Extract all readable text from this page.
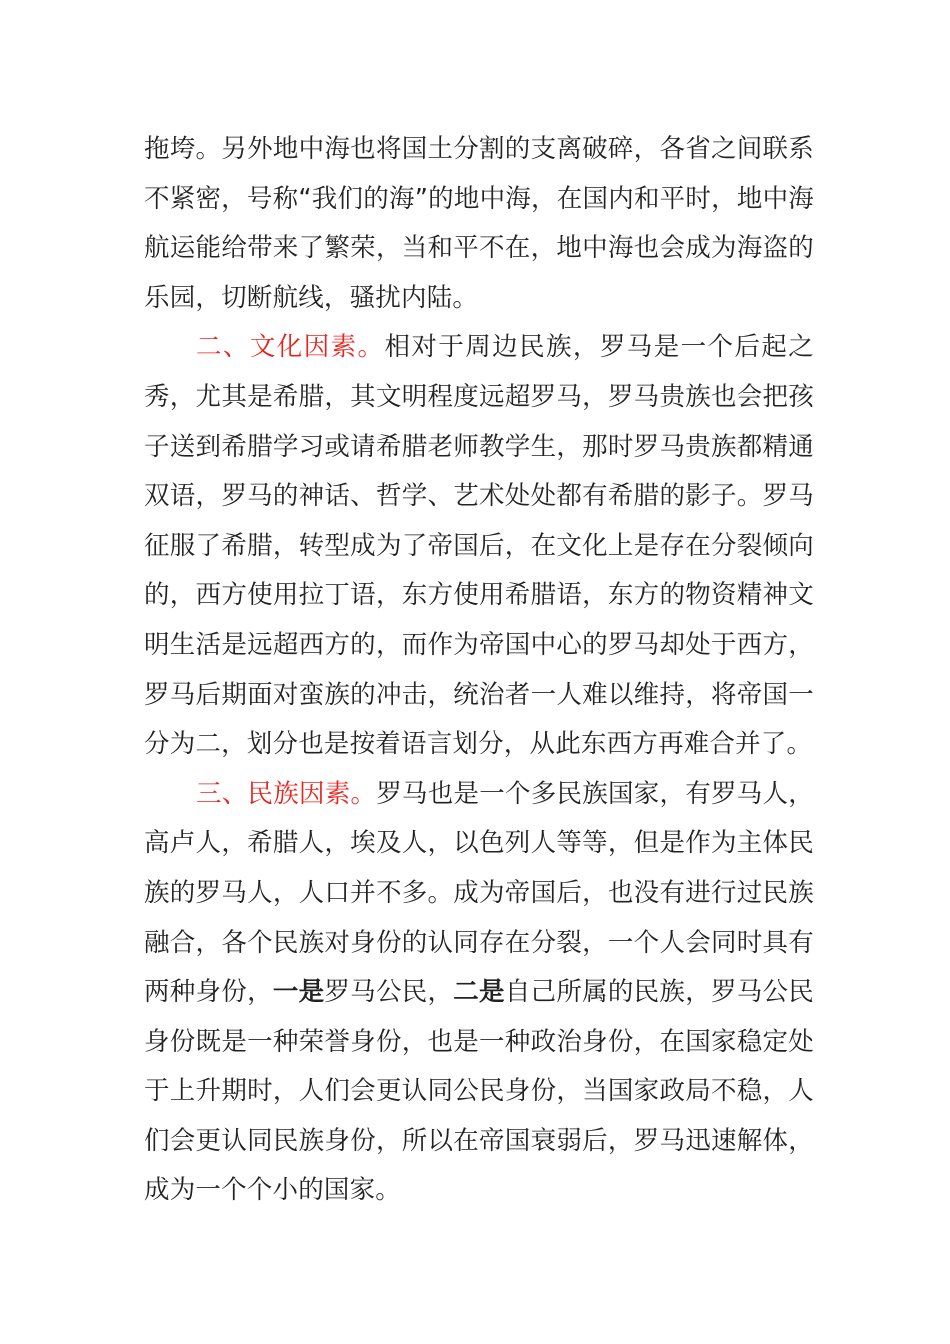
拖垮。另外地中海也将国土分割的支离破碎，各省之间联系不紧密，号称“我们的海”的地中海，在国内和平时，地中海航运能给带来了繁荣，当和平不在，地中海也会成为海盗的乐园，切断航线，骚扰内陆。

二、文化因素。相对于周边民族，罗马是一个后起之秀，尤其是希腊，其文明程度远超罗马，罗马贵族也会把孩子送到希腊学习或请希腊老师教学生，那时罗马贵族都精通双语，罗马的神话、哲学、艺术处处都有希腊的影子。罗马征服了希腊，转型成为了帝国后，在文化上是存在分裂倾向的，西方使用拉丁语，东方使用希腊语，东方的物资精神文明生活是远超西方的，而作为帝国中心的罗马却处于西方，罗马后期面对蛮族的冲击，统治者一人难以维持，将帝国一分为二，划分也是按着语言划分，从此东西方再难合并了。

三、民族因素。罗马也是一个多民族国家，有罗马人，高卢人，希腊人，埃及人，以色列人等等，但是作为主体民族的罗马人，人口并不多。成为帝国后，也没有进行过民族融合，各个民族对身份的认同存在分裂，一个人会同时具有两种身份，一是罗马公民，二是自己所属的民族，罗马公民身份既是一种荣誉身份，也是一种政治身份，在国家稳定处于上升期时，人们会更认同公民身份，当国家政局不稳，人们会更认同民族身份，所以在帝国衰弱后，罗马迅速解体，成为一个个小的国家。
